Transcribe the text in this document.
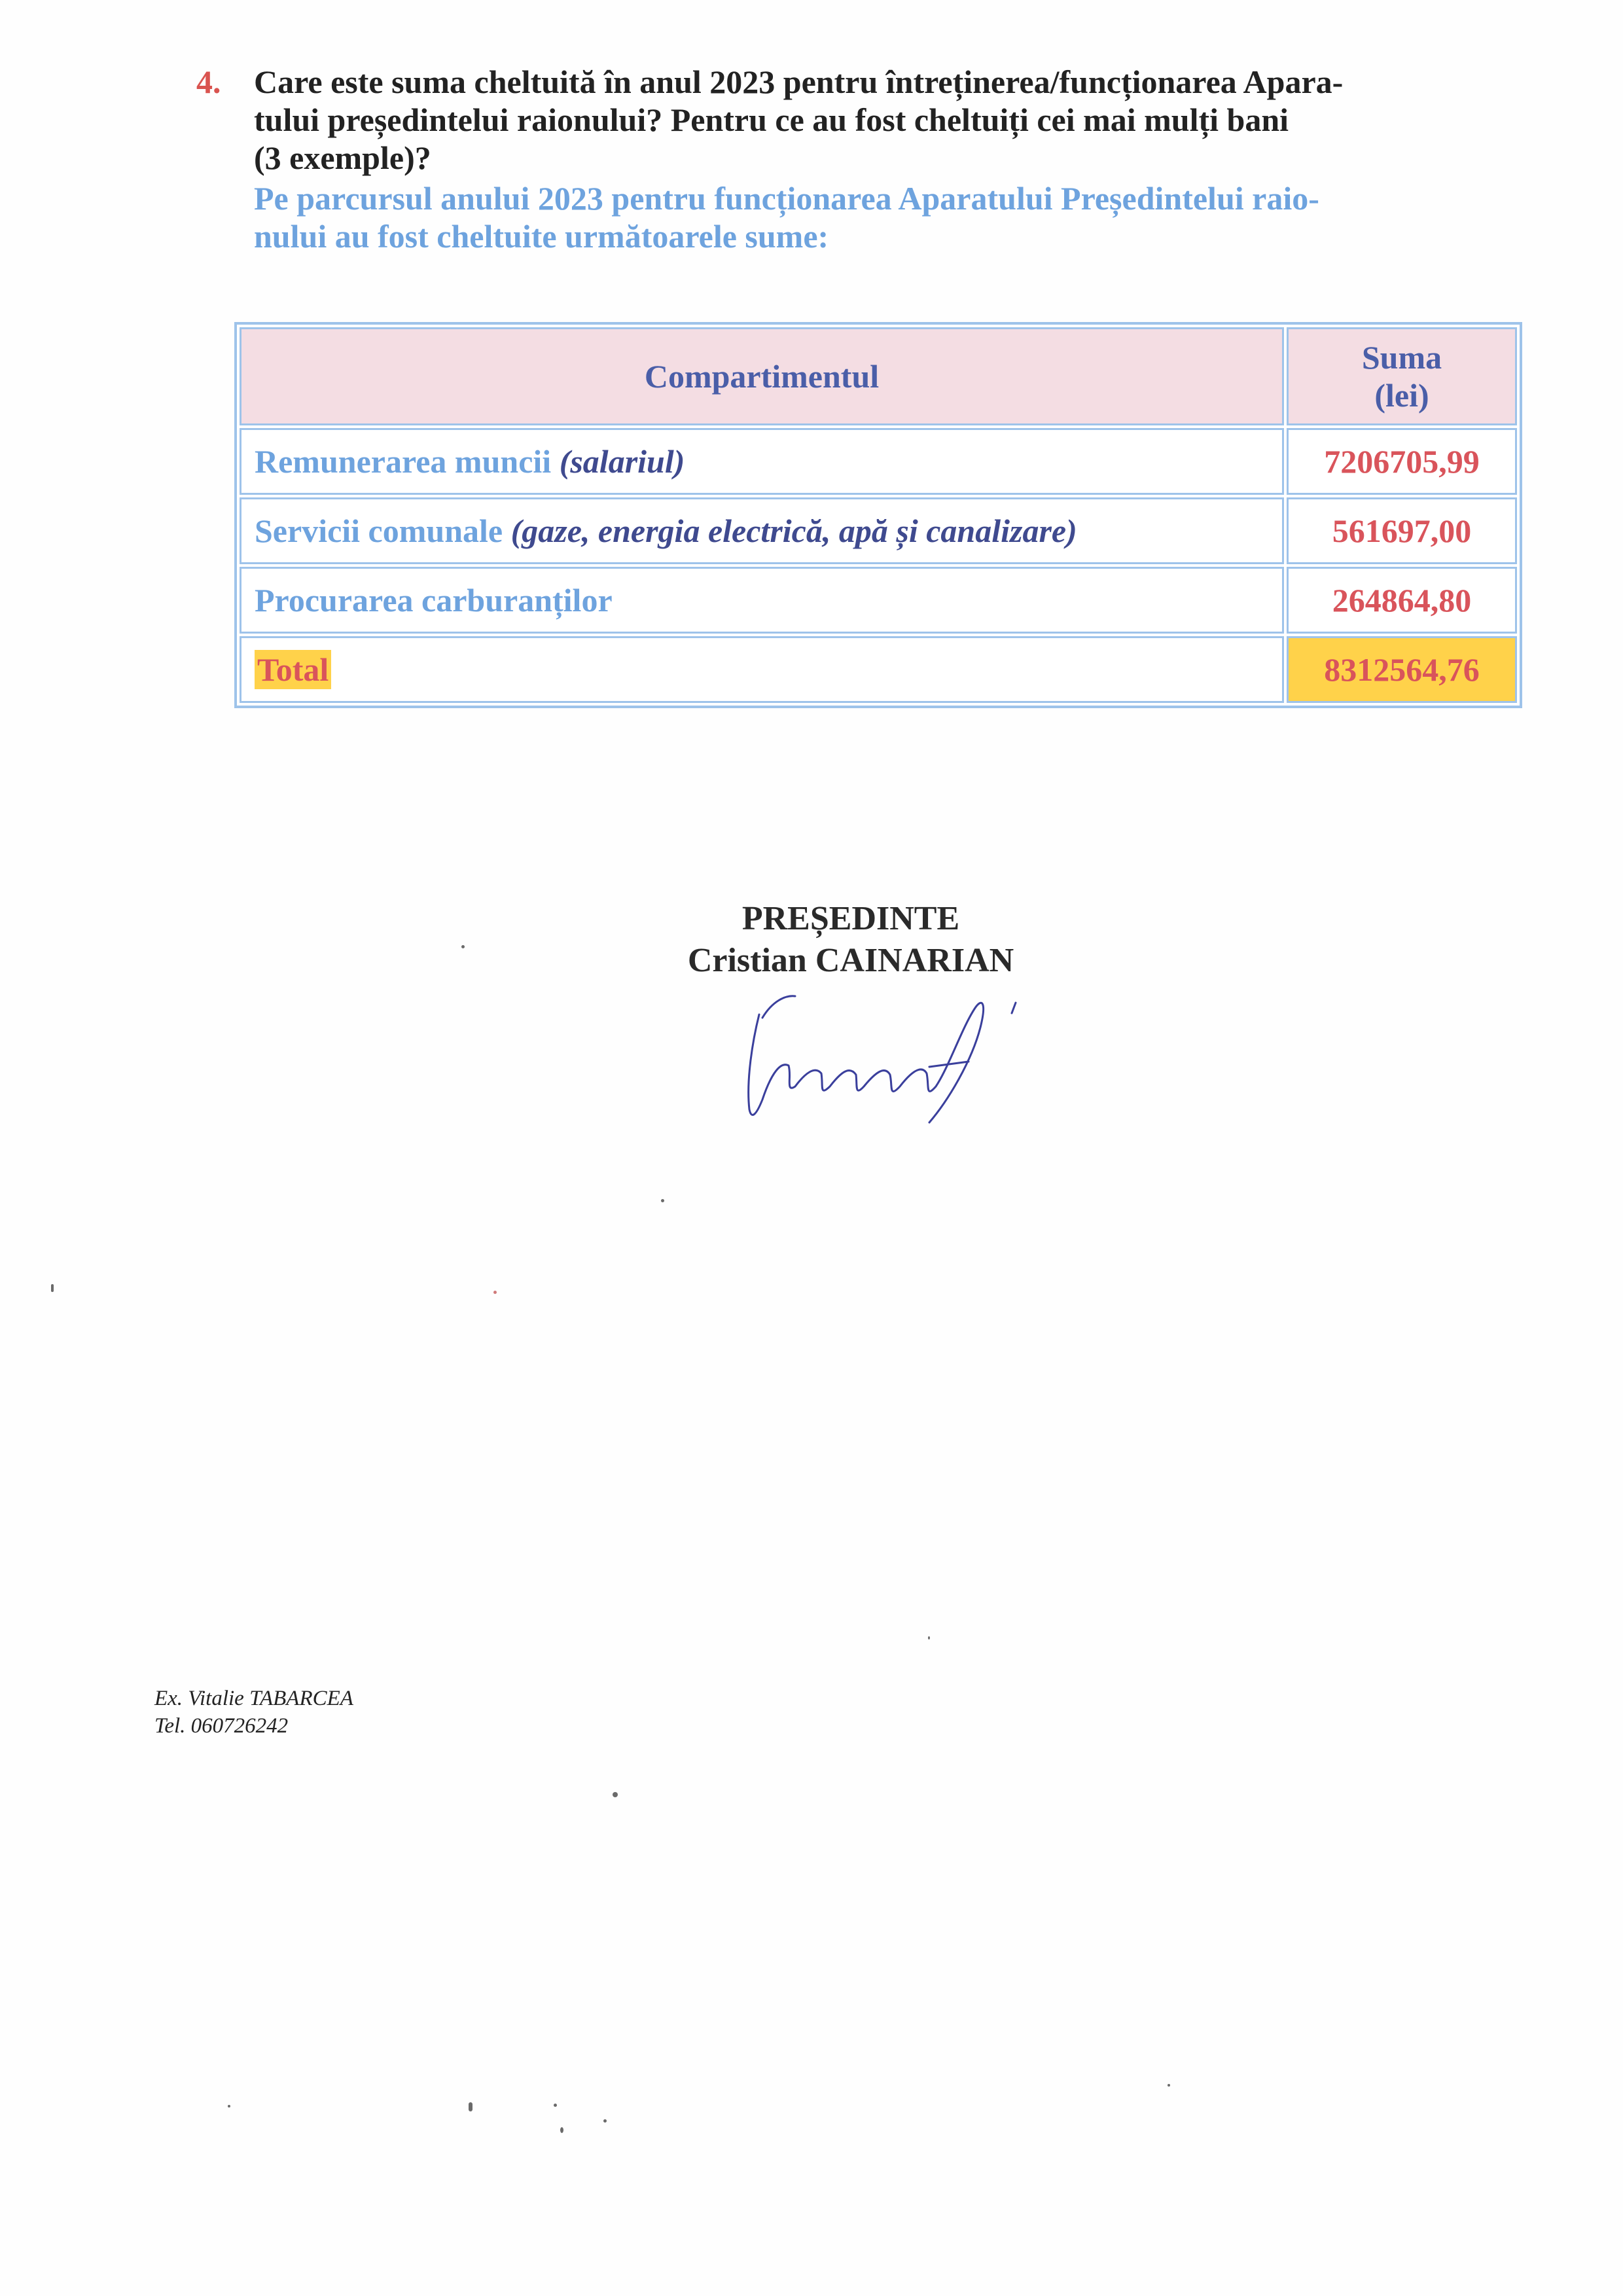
4. Care este suma cheltuită în anul 2023 pentru întreținerea/funcționarea Apara-
tului președintelui raionului? Pentru ce au fost cheltuiți cei mai mulți bani
(3 exemple)?
Pe parcursul anului 2023 pentru funcționarea Aparatului Președintelui raio-
nului au fost cheltuite următoarele sume:
Compartimentul	Suma
(lei)
Remunerarea muncii (salariul)	7206705,99
Servicii comunale (gaze, energia electrică, apă și canalizare)	561697,00
Procurarea carburanților	264864,80
Total	8312564,76
PREȘEDINTE
Cristian CAINARIAN
Ex. Vitalie TABARCEA
Tel. 060726242
